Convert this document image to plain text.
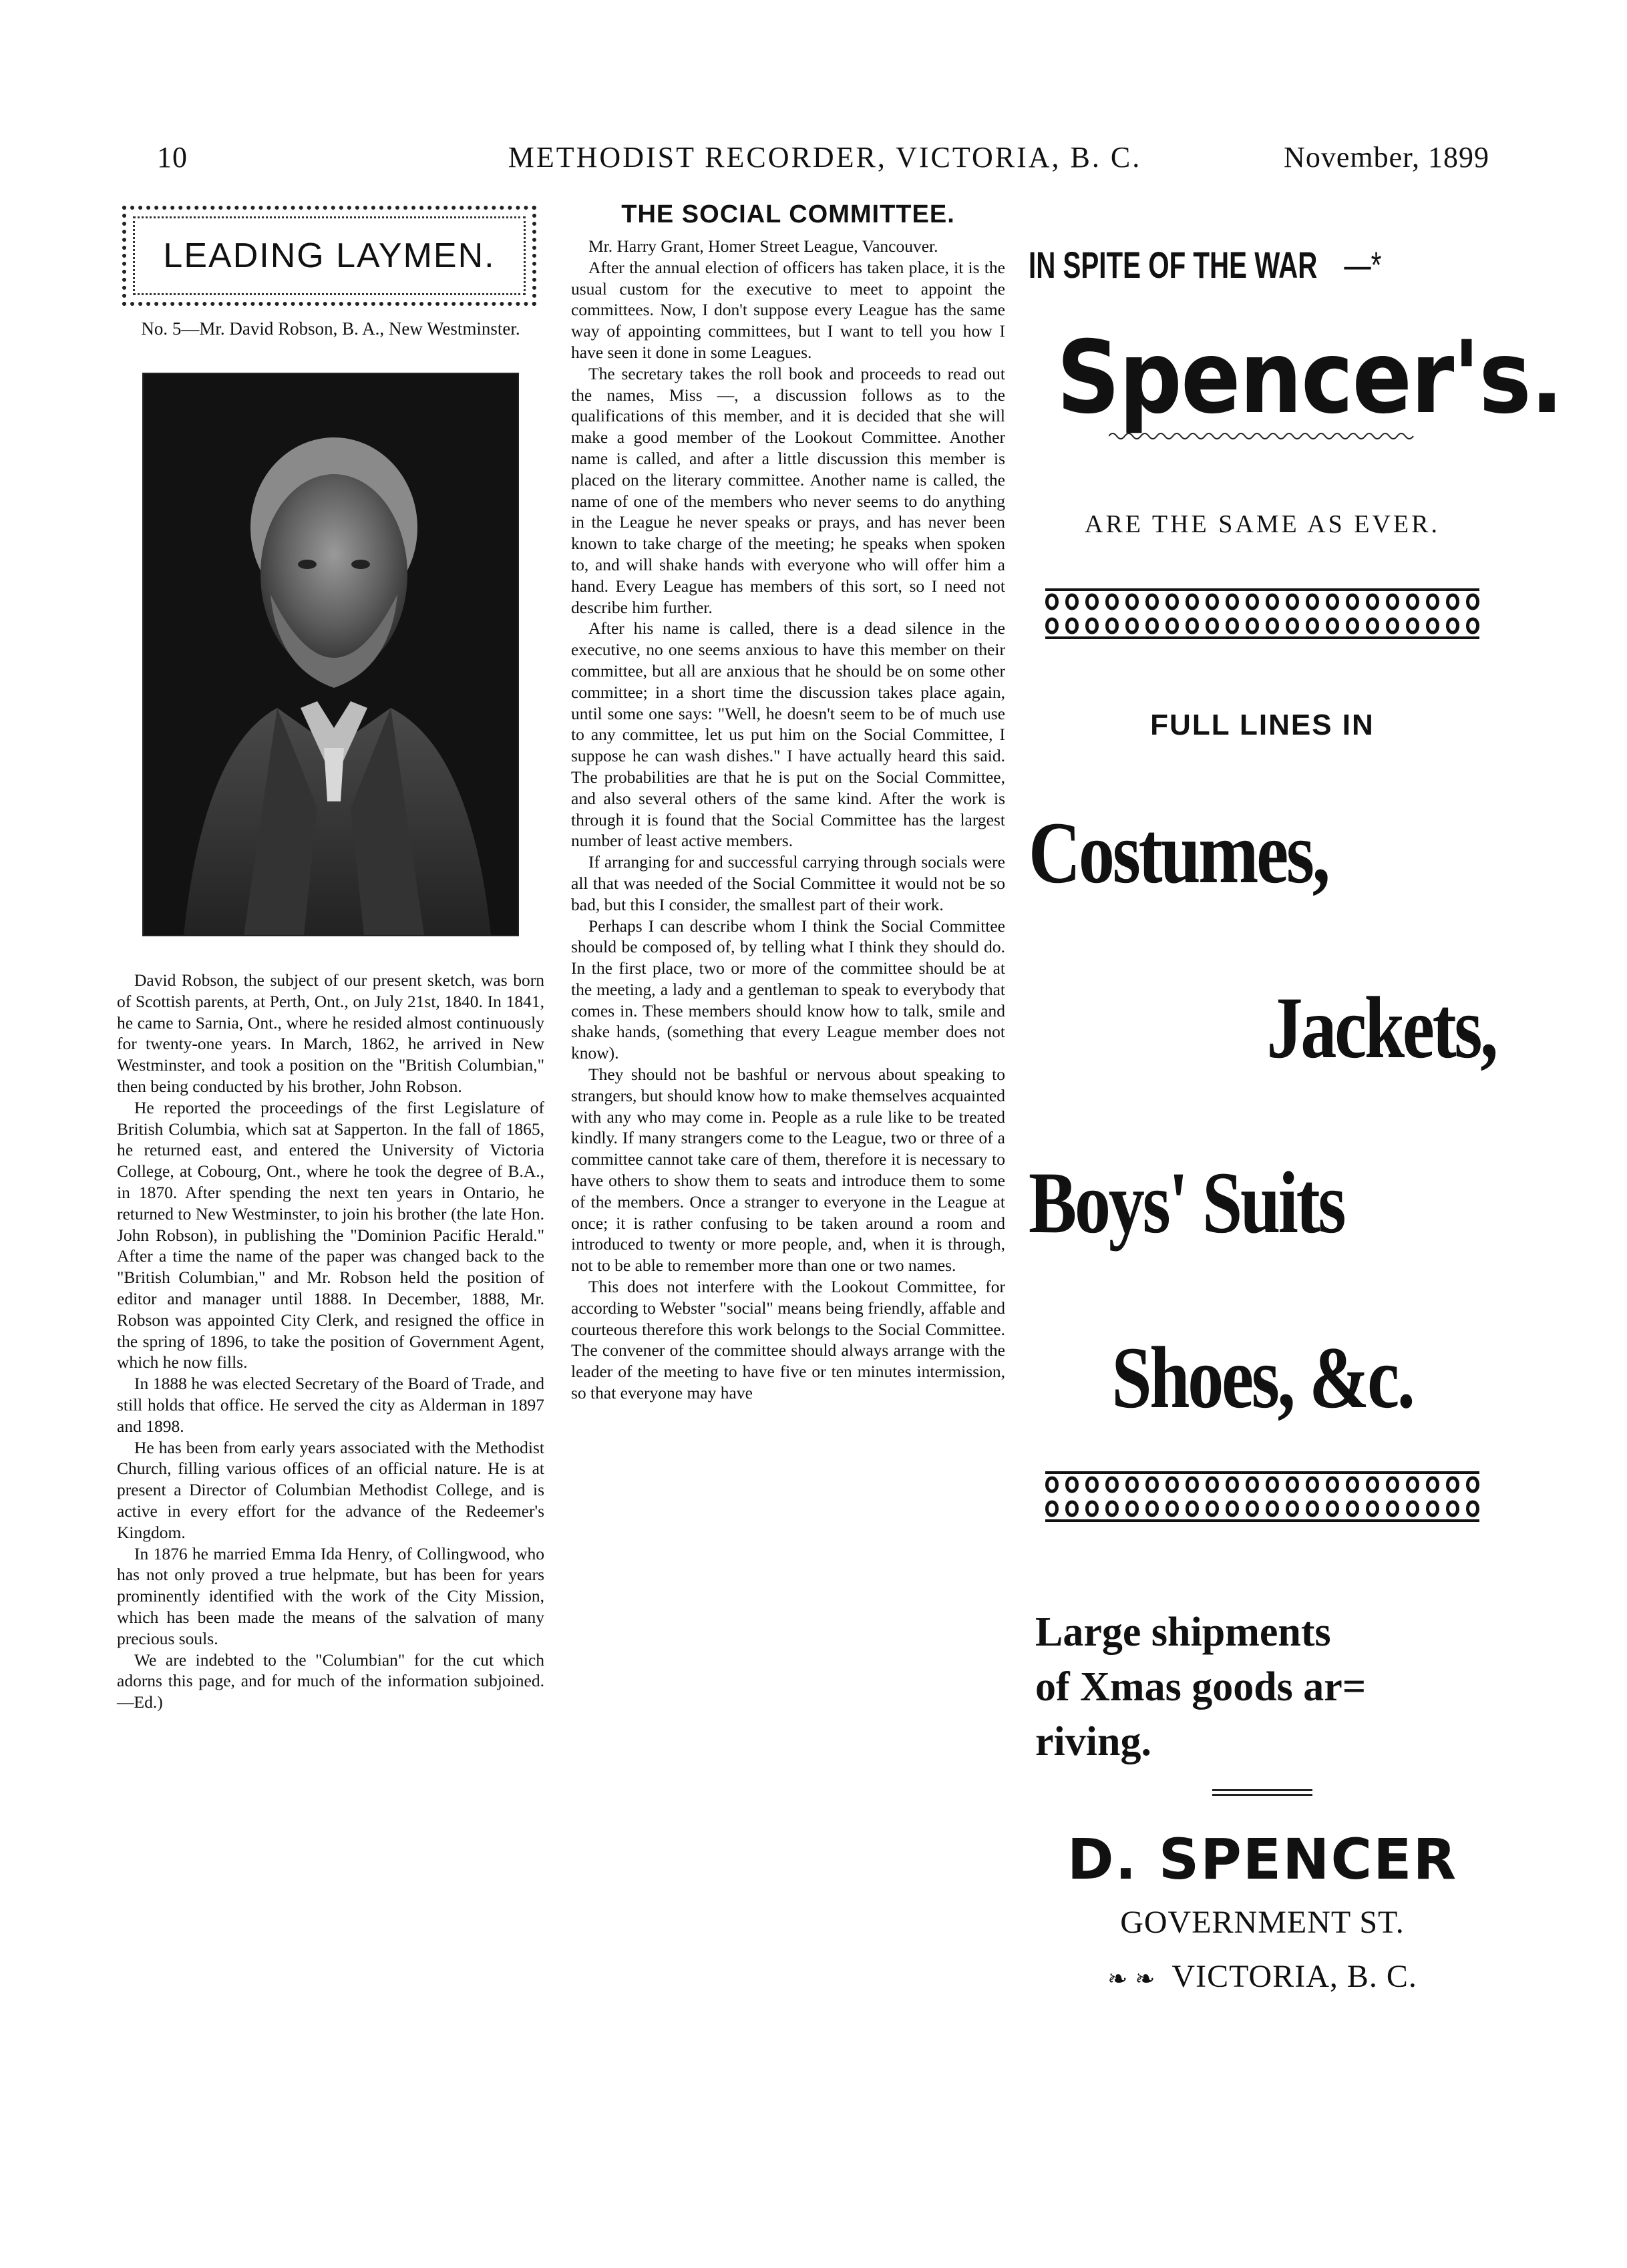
10	METHODIST RECORDER, VICTORIA, B. C.	November, 1899
LEADING LAYMEN.

No. 5—Mr. David Robson, B. A., New Westminster.

David Robson, the subject of our present sketch, was born of Scottish parents, at Perth, Ont., on July 21st, 1840. In 1841, he came to Sarnia, Ont., where he resided almost continuously for twenty-one years. In March, 1862, he arrived in New Westminster, and took a position on the "British Columbian," then being conducted by his brother, John Robson.

He reported the proceedings of the first Legislature of British Columbia, which sat at Sapperton. In the fall of 1865, he returned east, and entered the University of Victoria College, at Cobourg, Ont., where he took the degree of B.A., in 1870. After spending the next ten years in Ontario, he returned to New Westminster, to join his brother (the late Hon. John Robson), in publishing the "Dominion Pacific Herald." After a time the name of the paper was changed back to the "British Columbian," and Mr. Robson held the position of editor and manager until 1888. In December, 1888, Mr. Robson was appointed City Clerk, and resigned the office in the spring of 1896, to take the position of Government Agent, which he now fills.

In 1888 he was elected Secretary of the Board of Trade, and still holds that office. He served the city as Alderman in 1897 and 1898.

He has been from early years associated with the Methodist Church, filling various offices of an official nature. He is at present a Director of Columbian Methodist College, and is active in every effort for the advance of the Redeemer's Kingdom.

In 1876 he married Emma Ida Henry, of Collingwood, who has not only proved a true helpmate, but has been for years prominently identified with the work of the City Mission, which has been made the means of the salvation of many precious souls.

We are indebted to the "Columbian" for the cut which adorns this page, and for much of the information subjoined.—Ed.)

THE SOCIAL COMMITTEE.

Mr. Harry Grant, Homer Street League, Vancouver.

After the annual election of officers has taken place, it is the usual custom for the executive to meet to appoint the committees. Now, I don't suppose every League has the same way of appointing committees, but I want to tell you how I have seen it done in some Leagues.

The secretary takes the roll book and proceeds to read out the names, Miss —, a discussion follows as to the qualifications of this member, and it is decided that she will make a good member of the Lookout Committee. Another name is called, and after a little discussion this member is placed on the literary committee. Another name is called, the name of one of the members who never seems to do anything in the League he never speaks or prays, and has never been known to take charge of the meeting; he speaks when spoken to, and will shake hands with everyone who will offer him a hand. Every League has members of this sort, so I need not describe him further.

After his name is called, there is a dead silence in the executive, no one seems anxious to have this member on their committee, but all are anxious that he should be on some other committee; in a short time the discussion takes place again, until some one says: "Well, he doesn't seem to be of much use to any committee, let us put him on the Social Committee, I suppose he can wash dishes." I have actually heard this said. The probabilities are that he is put on the Social Committee, and also several others of the same kind. After the work is through it is found that the Social Committee has the largest number of least active members.

If arranging for and successful carrying through socials were all that was needed of the Social Committee it would not be so bad, but this I consider, the smallest part of their work.

Perhaps I can describe whom I think the Social Committee should be composed of, by telling what I think they should do. In the first place, two or more of the committee should be at the meeting, a lady and a gentleman to speak to everybody that comes in. These members should know how to talk, smile and shake hands, (something that every League member does not know).

They should not be bashful or nervous about speaking to strangers, but should know how to make themselves acquainted with any who may come in. People as a rule like to be treated kindly. If many strangers come to the League, two or three of a committee cannot take care of them, therefore it is necessary to have others to show them to seats and introduce them to some of the members. Once a stranger to everyone in the League at once; it is rather confusing to be taken around a room and introduced to twenty or more people, and, when it is through, not to be able to remember more than one or two names.

This does not interfere with the Lookout Committee, for according to Webster "social" means being friendly, affable and courteous therefore this work belongs to the Social Committee. The convener of the committee should always arrange with the leader of the meeting to have five or ten minutes intermission, so that everyone may have

IN SPITE OF THE WAR —*
Spencer's.
ARE THE SAME AS EVER.
FULL LINES IN
Costumes,
Jackets,
Boys' Suits
Shoes, &c.
Large shipments
of Xmas goods ar=
riving.
D. SPENCER
GOVERNMENT ST.
❧ ❧ VICTORIA, B. C.
